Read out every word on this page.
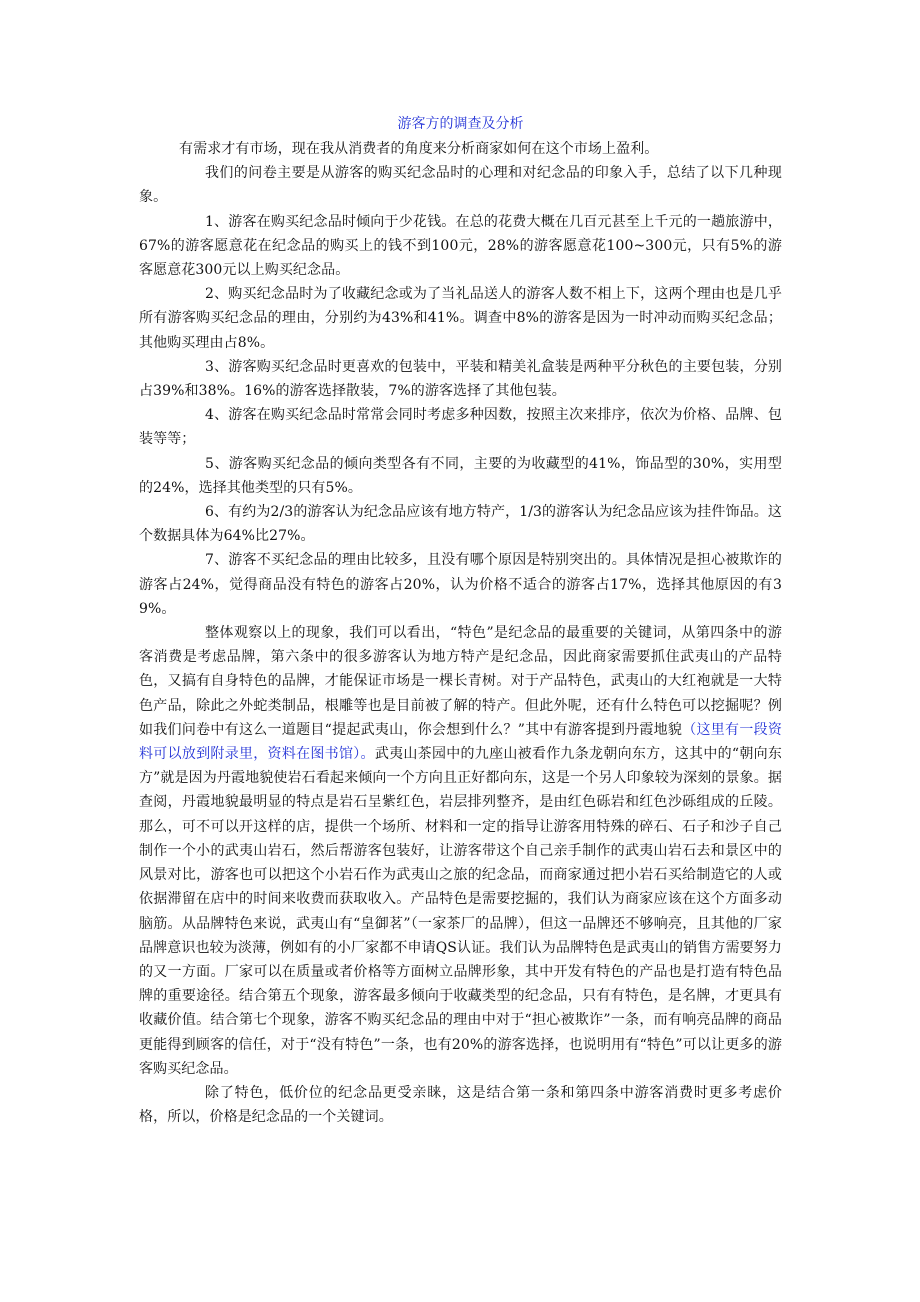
游客方的调查及分析

有需求才有市场，现在我从消费者的角度来分析商家如何在这个市场上盈利。

我们的问卷主要是从游客的购买纪念品时的心理和对纪念品的印象入手，总结了以下几种现象。

1、游客在购买纪念品时倾向于少花钱。在总的花费大概在几百元甚至上千元的一趟旅游中，67%的游客愿意花在纪念品的购买上的钱不到100元，28%的游客愿意花100~300元，只有5%的游客愿意花300元以上购买纪念品。

2、购买纪念品时为了收藏纪念或为了当礼品送人的游客人数不相上下，这两个理由也是几乎所有游客购买纪念品的理由，分别约为43%和41%。调查中8%的游客是因为一时冲动而购买纪念品；其他购买理由占8%。

3、游客购买纪念品时更喜欢的包装中，平装和精美礼盒装是两种平分秋色的主要包装，分别占39%和38%。16%的游客选择散装，7%的游客选择了其他包装。

4、游客在购买纪念品时常常会同时考虑多种因数，按照主次来排序，依次为价格、品牌、包装等等；

5、游客购买纪念品的倾向类型各有不同，主要的为收藏型的41%，饰品型的30%，实用型的24%，选择其他类型的只有5%。

6、有约为2/3的游客认为纪念品应该有地方特产，1/3的游客认为纪念品应该为挂件饰品。这个数据具体为64%比27%。

7、游客不买纪念品的理由比较多，且没有哪个原因是特别突出的。具体情况是担心被欺诈的游客占24%，觉得商品没有特色的游客占20%，认为价格不适合的游客占17%，选择其他原因的有39%。

整体观察以上的现象，我们可以看出，“特色”是纪念品的最重要的关键词，从第四条中的游客消费是考虑品牌，第六条中的很多游客认为地方特产是纪念品，因此商家需要抓住武夷山的产品特色，又搞有自身特色的品牌，才能保证市场是一棵长青树。对于产品特色，武夷山的大红袍就是一大特色产品，除此之外蛇类制品，根雕等也是目前被了解的特产。但此外呢，还有什么特色可以挖掘呢？例如我们问卷中有这么一道题目“提起武夷山，你会想到什么？”其中有游客提到丹霞地貌（这里有一段资料可以放到附录里，资料在图书馆）。武夷山茶园中的九座山被看作九条龙朝向东方，这其中的“朝向东方”就是因为丹霞地貌使岩石看起来倾向一个方向且正好都向东，这是一个另人印象较为深刻的景象。据查阅，丹霞地貌最明显的特点是岩石呈紫红色，岩层排列整齐，是由红色砾岩和红色沙砾组成的丘陵。那么，可不可以开这样的店，提供一个场所、材料和一定的指导让游客用特殊的碎石、石子和沙子自己制作一个小的武夷山岩石，然后帮游客包装好，让游客带这个自己亲手制作的武夷山岩石去和景区中的风景对比，游客也可以把这个小岩石作为武夷山之旅的纪念品，而商家通过把小岩石买给制造它的人或依据滞留在店中的时间来收费而获取收入。产品特色是需要挖掘的，我们认为商家应该在这个方面多动脑筋。从品牌特色来说，武夷山有“皇御茗”（一家茶厂的品牌），但这一品牌还不够响亮，且其他的厂家品牌意识也较为淡薄，例如有的小厂家都不申请QS认证。我们认为品牌特色是武夷山的销售方需要努力的又一方面。厂家可以在质量或者价格等方面树立品牌形象，其中开发有特色的产品也是打造有特色品牌的重要途径。结合第五个现象，游客最多倾向于收藏类型的纪念品，只有有特色，是名牌，才更具有收藏价值。结合第七个现象，游客不购买纪念品的理由中对于“担心被欺诈”一条，而有响亮品牌的商品更能得到顾客的信任，对于“没有特色”一条，也有20%的游客选择，也说明用有“特色”可以让更多的游客购买纪念品。

除了特色，低价位的纪念品更受亲睐，这是结合第一条和第四条中游客消费时更多考虑价格，所以，价格是纪念品的一个关键词。
